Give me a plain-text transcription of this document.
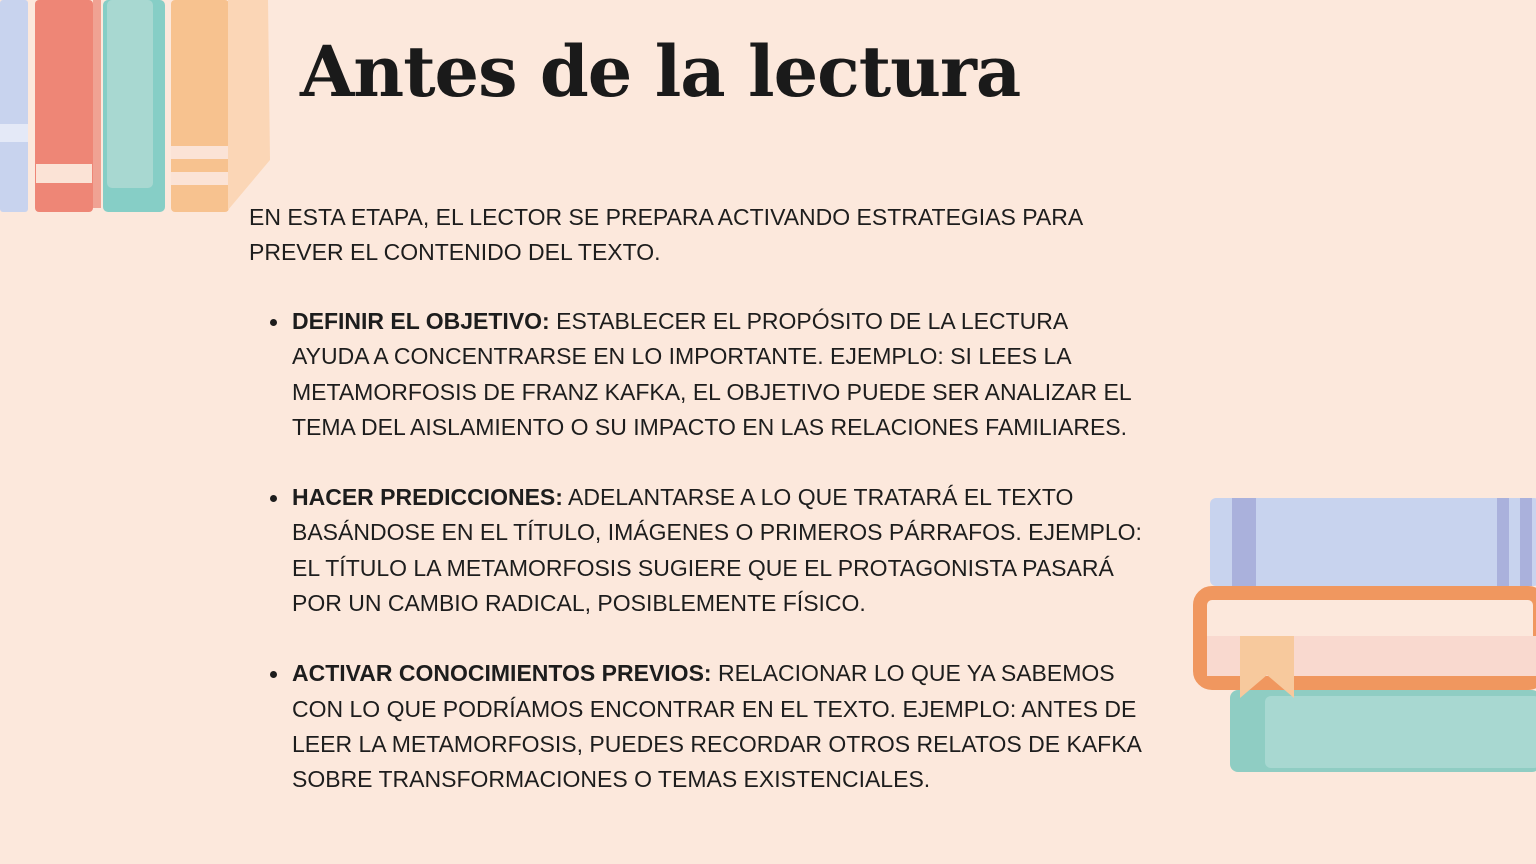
Antes de la lectura
EN ESTA ETAPA, EL LECTOR SE PREPARA ACTIVANDO ESTRATEGIAS PARA
PREVER EL CONTENIDO DEL TEXTO.
DEFINIR EL OBJETIVO: ESTABLECER EL PROPÓSITO DE LA LECTURA
AYUDA A CONCENTRARSE EN LO IMPORTANTE. EJEMPLO: SI LEES LA
METAMORFOSIS DE FRANZ KAFKA, EL OBJETIVO PUEDE SER ANALIZAR EL
TEMA DEL AISLAMIENTO O SU IMPACTO EN LAS RELACIONES FAMILIARES.
HACER PREDICCIONES: ADELANTARSE A LO QUE TRATARÁ EL TEXTO
BASÁNDOSE EN EL TÍTULO, IMÁGENES O PRIMEROS PÁRRAFOS. EJEMPLO:
EL TÍTULO LA METAMORFOSIS SUGIERE QUE EL PROTAGONISTA PASARÁ
POR UN CAMBIO RADICAL, POSIBLEMENTE FÍSICO.
ACTIVAR CONOCIMIENTOS PREVIOS: RELACIONAR LO QUE YA SABEMOS
CON LO QUE PODRÍAMOS ENCONTRAR EN EL TEXTO. EJEMPLO: ANTES DE
LEER LA METAMORFOSIS, PUEDES RECORDAR OTROS RELATOS DE KAFKA
SOBRE TRANSFORMACIONES O TEMAS EXISTENCIALES.
